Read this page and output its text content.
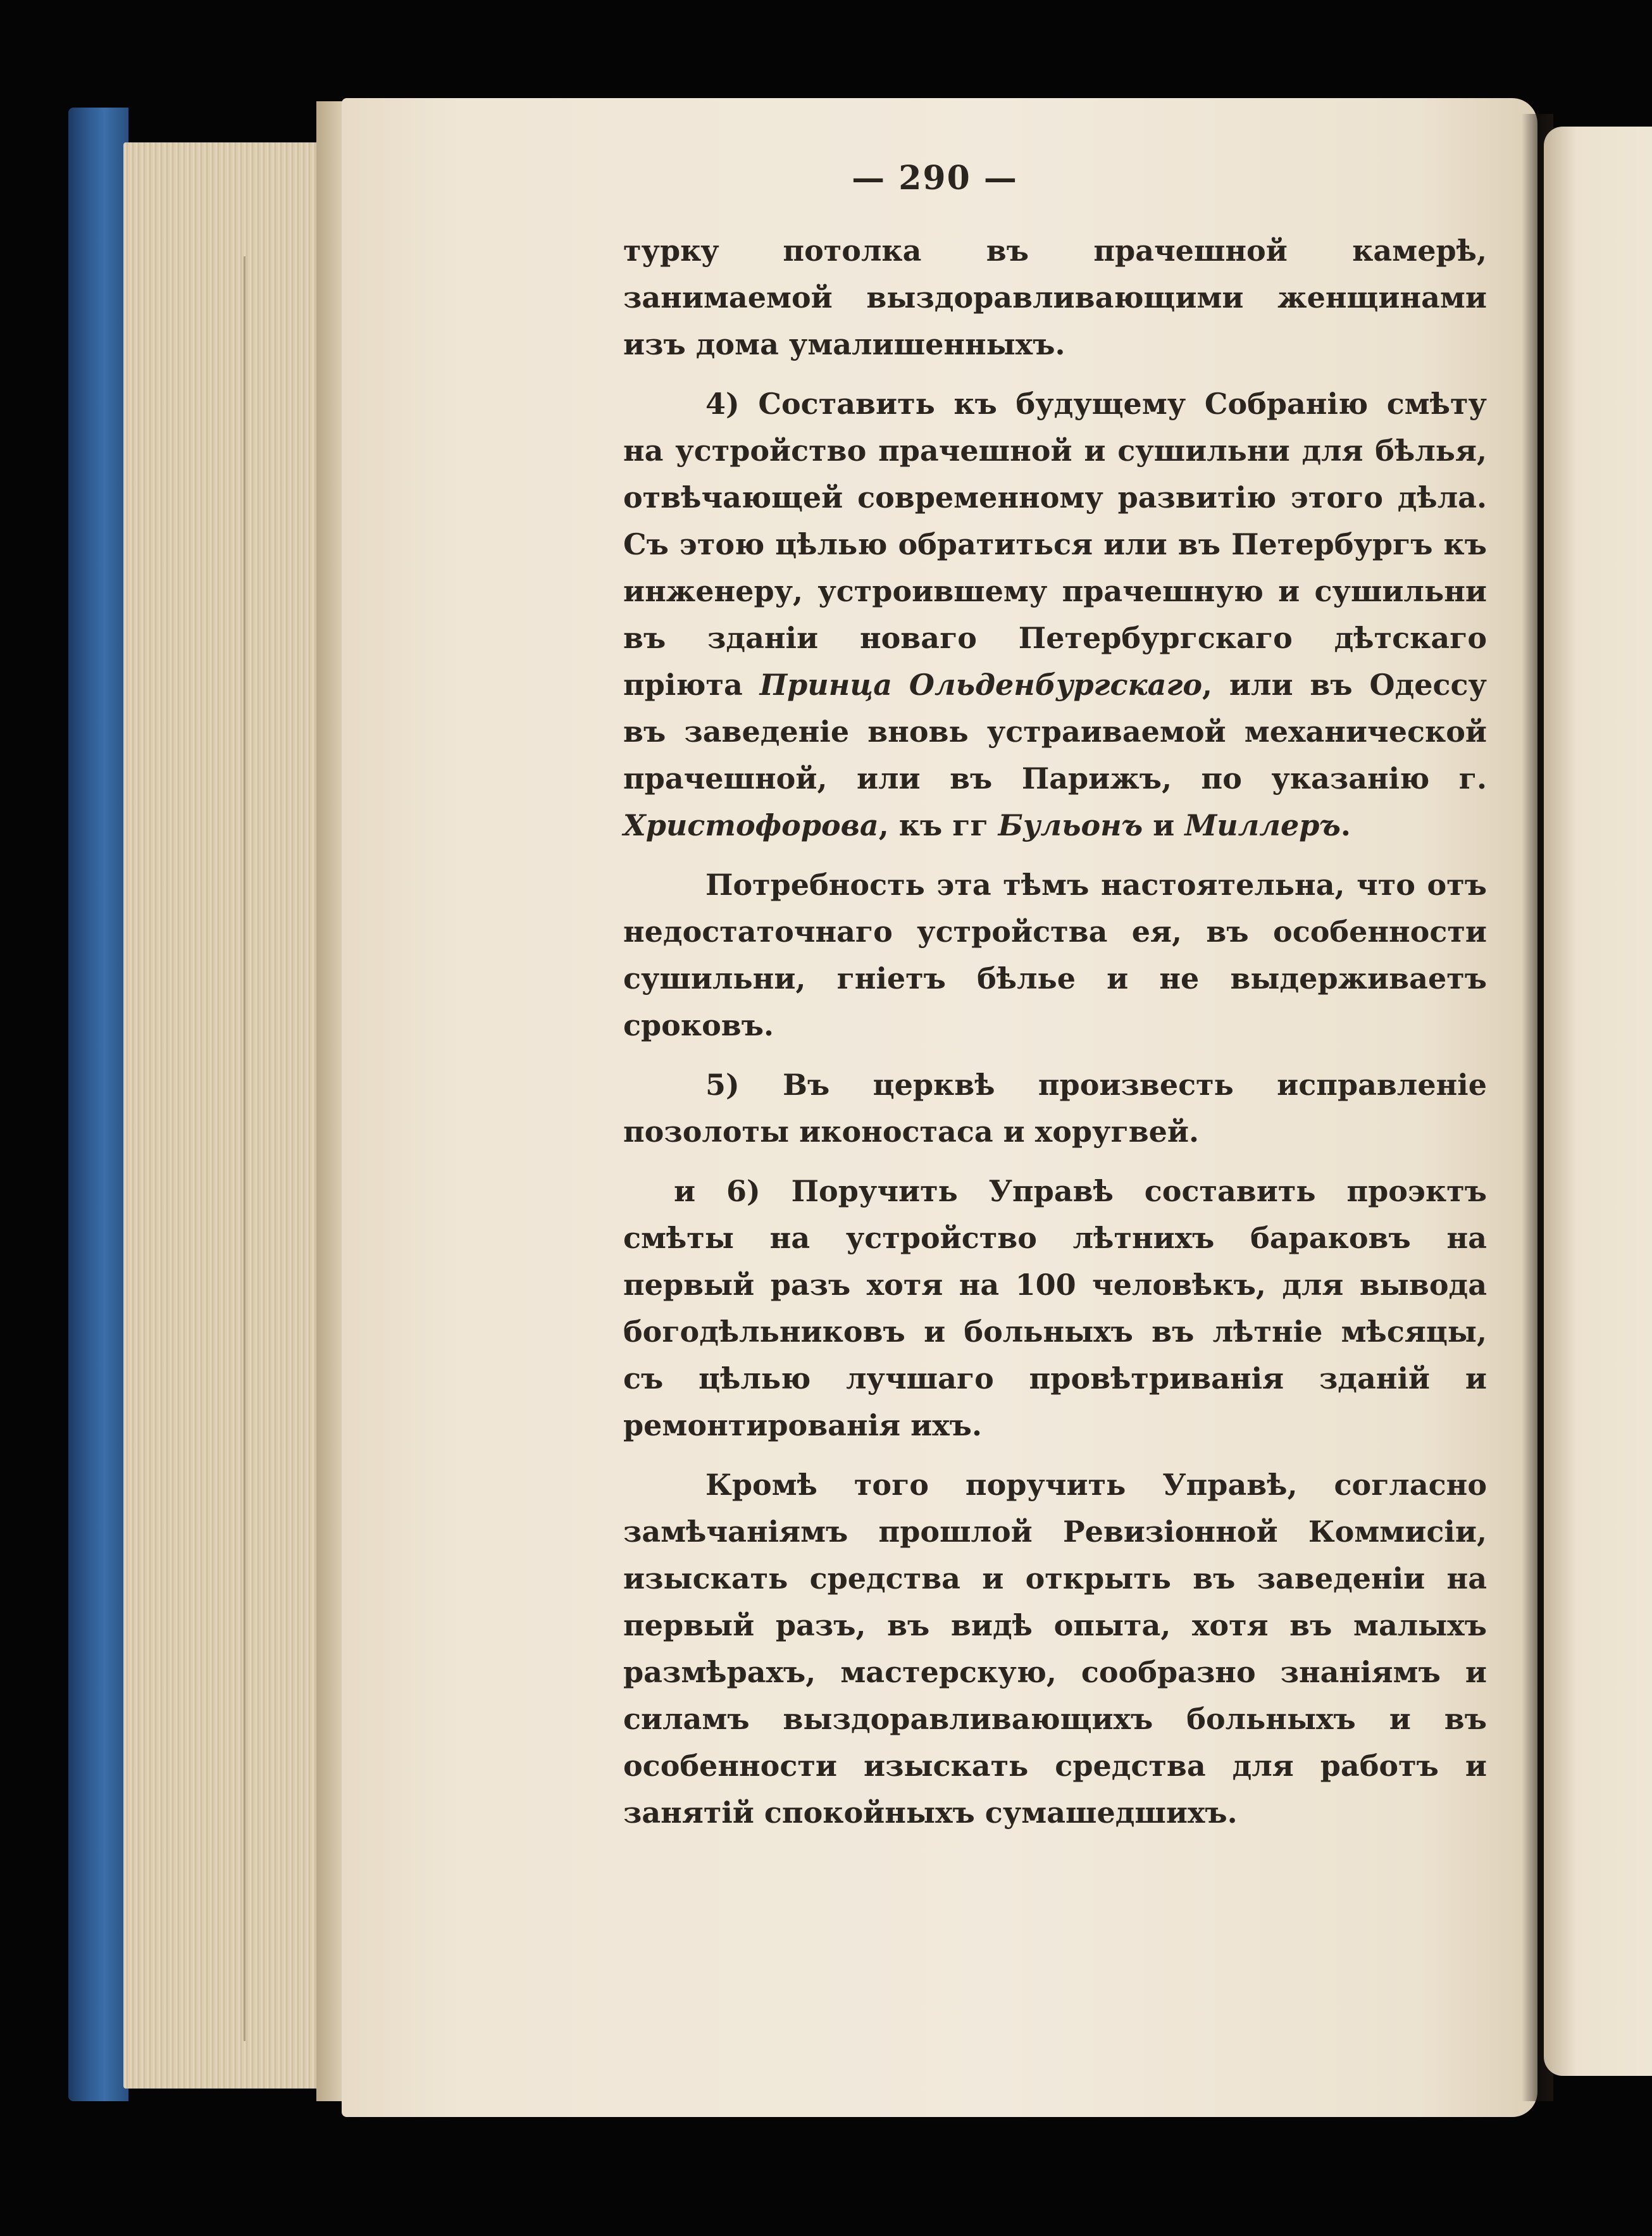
— 290 —

туркy потолка въ прачешной камерѣ, занимаемой выздоравливающими женщинами изъ дома умалишенныхъ.

4) Составить къ будущему Собранію смѣту на устройство прачешной и сушильни для бѣлья, отвѣчающей современному развитію этого дѣла. Съ этою цѣлью обратиться или въ Петербургъ къ инженеру, устроившему прачешную и сушильни въ зданіи новаго Петербургскаго дѣтскаго пріюта Принца Ольденбургскаго, или въ Одессу въ заведеніе вновь устраиваемой механической прачешной, или въ Парижъ, по указанію г. Христофорова, къ гг Бульонъ и Миллеръ.

Потребность эта тѣмъ настоятельна, что отъ недостаточнаго устройства ея, въ особенности сушильни, гніетъ бѣлье и не выдерживаетъ сроковъ.

5) Въ церквѣ произвесть исправленіе позолоты иконостаса и хоругвей.

и 6) Поручить Управѣ составить проэктъ смѣты на устройство лѣтнихъ бараковъ на первый разъ хотя на 100 человѣкъ, для вывода богодѣльниковъ и больныхъ въ лѣтніе мѣсяцы, съ цѣлью лучшаго провѣтриванія зданій и ремонтированія ихъ.

Кромѣ того поручить Управѣ, согласно замѣчаніямъ прошлой Ревизіонной Коммисіи, изыскать средства и открыть въ заведеніи на первый разъ, въ видѣ опыта, хотя въ малыхъ размѣрахъ, мастерскую, сообразно знаніямъ и силамъ выздоравливающихъ больныхъ и въ особенности изыскать средства для работъ и занятій спокойныхъ сумашедшихъ.
